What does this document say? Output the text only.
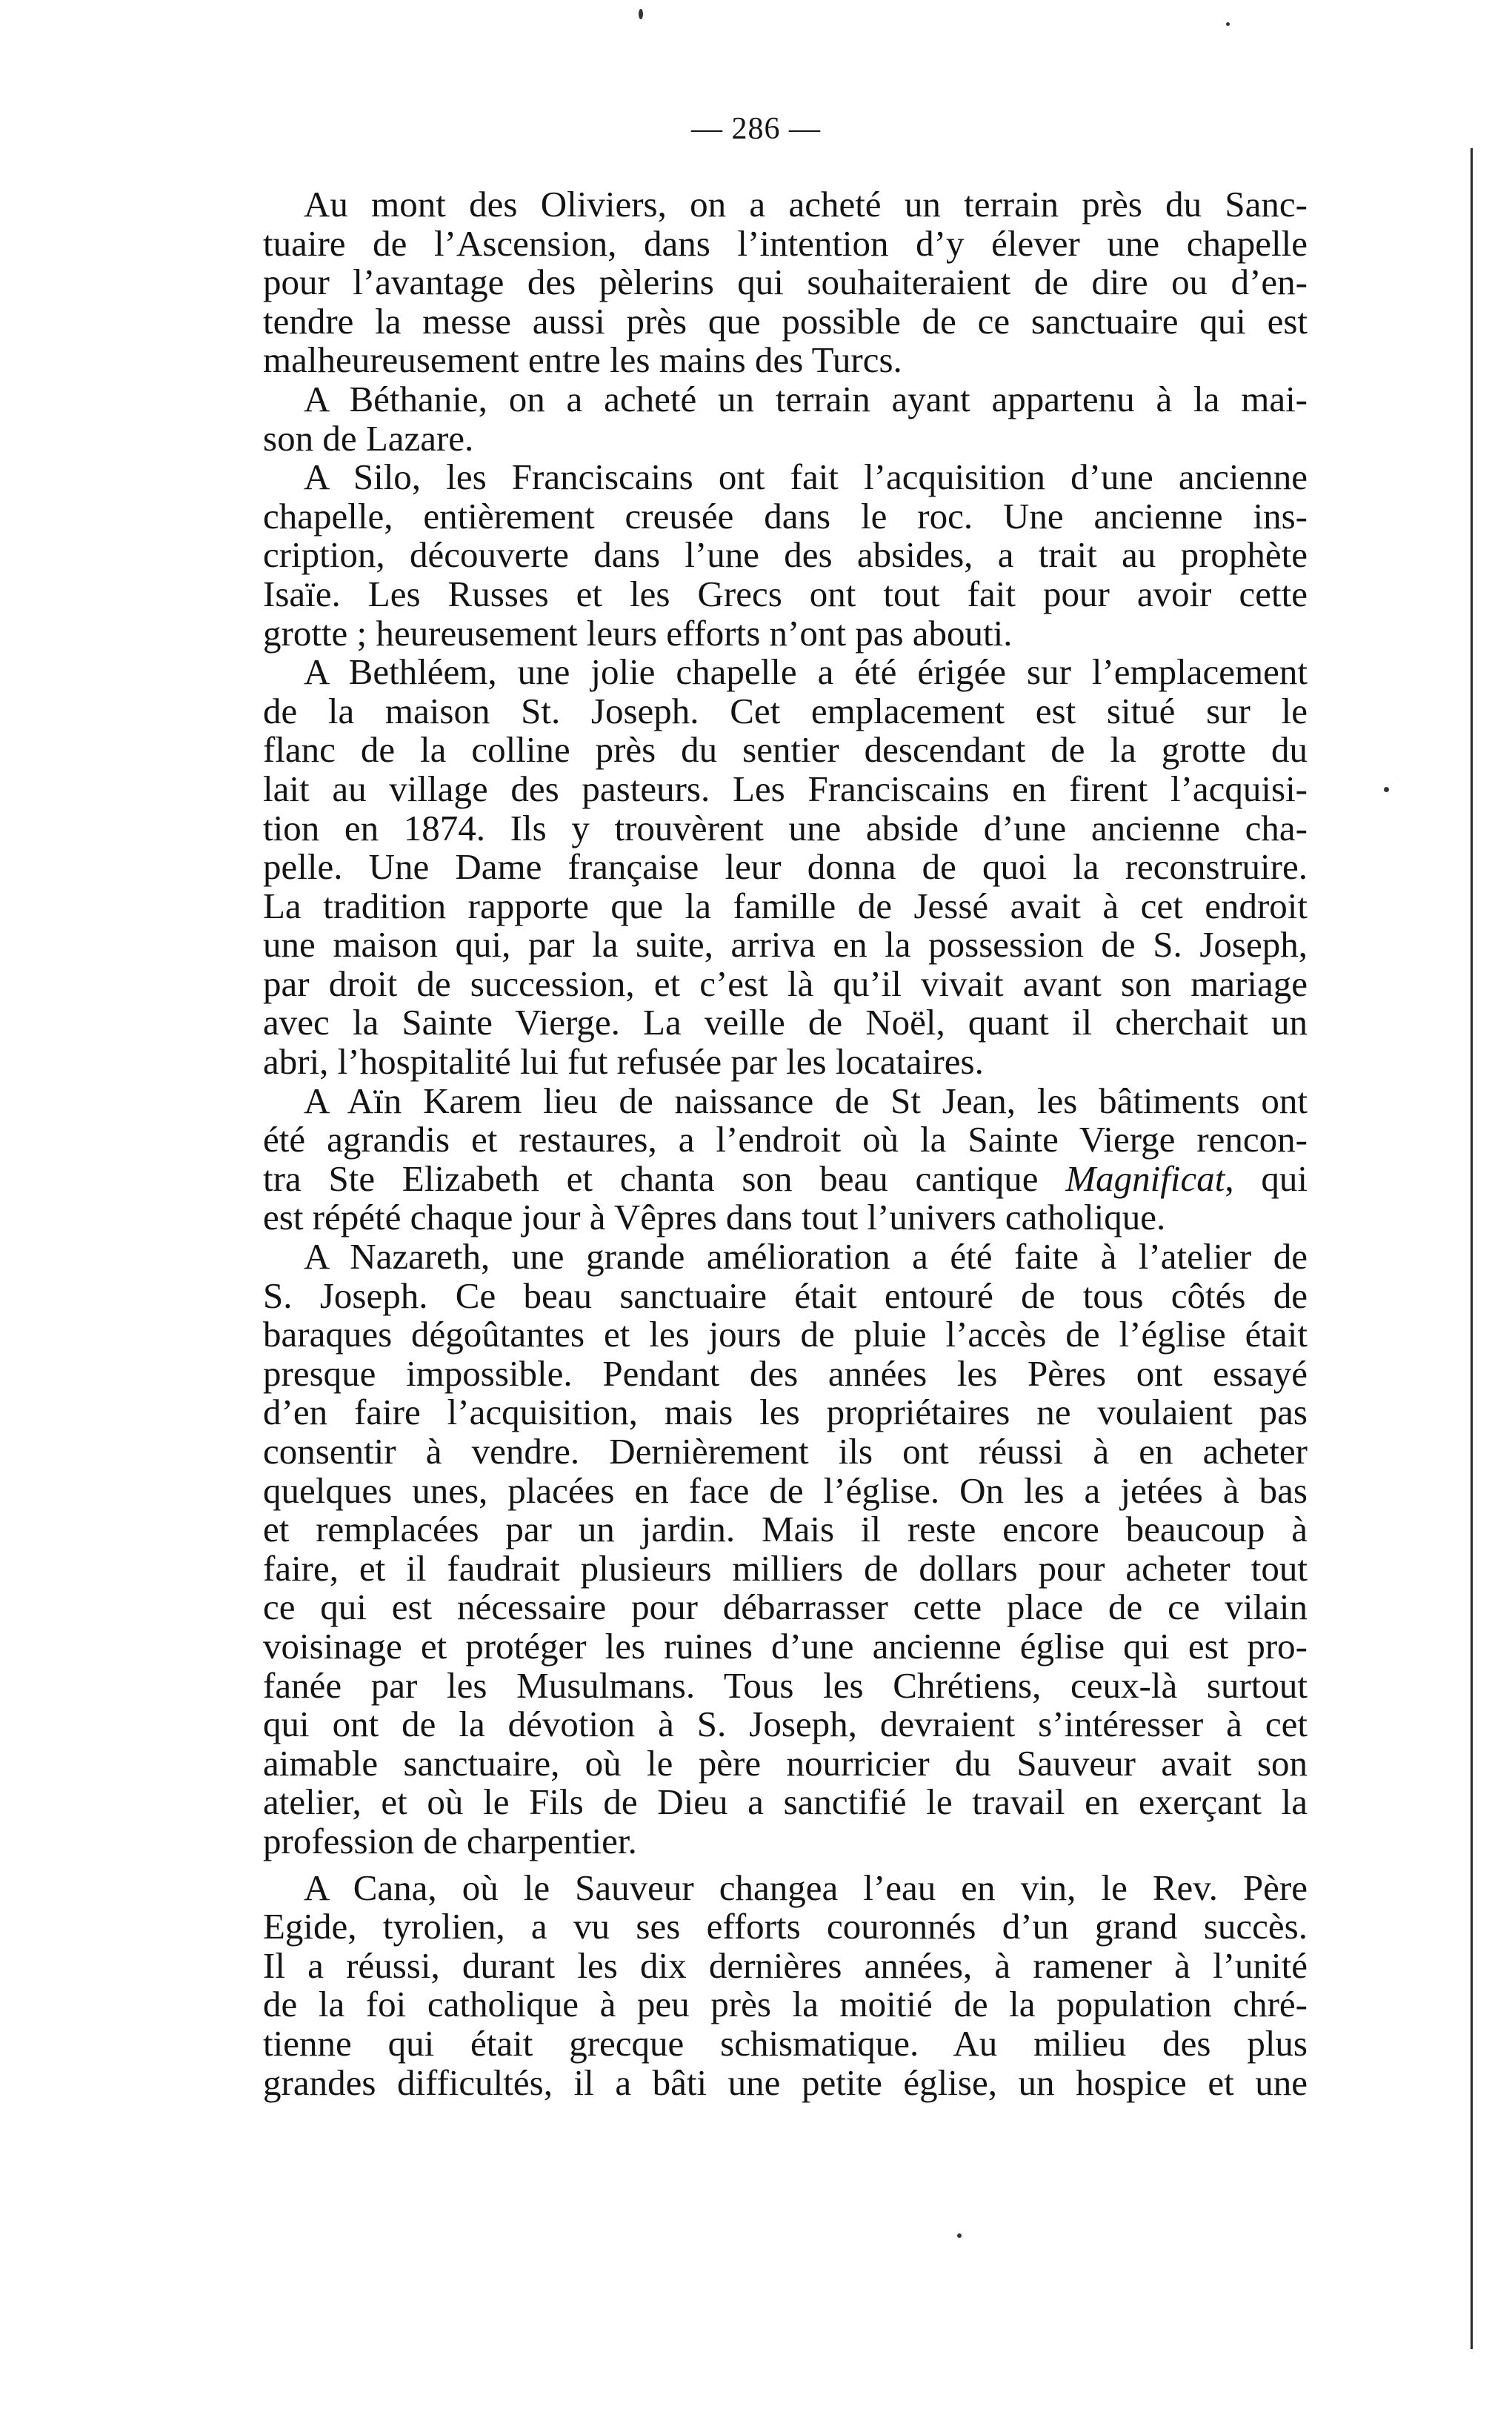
— 286 —
Au mont des Oliviers, on a acheté un terrain près du Sanc-
tuaire de l’Ascension, dans l’intention d’y élever une chapelle
pour l’avantage des pèlerins qui souhaiteraient de dire ou d’en-
tendre la messe aussi près que possible de ce sanctuaire qui est
malheureusement entre les mains des Turcs.
A Béthanie, on a acheté un terrain ayant appartenu à la mai-
son de Lazare.
A Silo, les Franciscains ont fait l’acquisition d’une ancienne
chapelle, entièrement creusée dans le roc. Une ancienne ins-
cription, découverte dans l’une des absides, a trait au prophète
Isaïe. Les Russes et les Grecs ont tout fait pour avoir cette
grotte ; heureusement leurs efforts n’ont pas abouti.
A Bethléem, une jolie chapelle a été érigée sur l’emplacement
de la maison St. Joseph. Cet emplacement est situé sur le
flanc de la colline près du sentier descendant de la grotte du
lait au village des pasteurs. Les Franciscains en firent l’acquisi-
tion en 1874. Ils y trouvèrent une abside d’une ancienne cha-
pelle. Une Dame française leur donna de quoi la reconstruire.
La tradition rapporte que la famille de Jessé avait à cet endroit
une maison qui, par la suite, arriva en la possession de S. Joseph,
par droit de succession, et c’est là qu’il vivait avant son mariage
avec la Sainte Vierge. La veille de Noël, quant il cherchait un
abri, l’hospitalité lui fut refusée par les locataires.
A Aïn Karem lieu de naissance de St Jean, les bâtiments ont
été agrandis et restaures, a l’endroit où la Sainte Vierge rencon-
tra Ste Elizabeth et chanta son beau cantique Magnificat, qui
est répété chaque jour à Vêpres dans tout l’univers catholique.
A Nazareth, une grande amélioration a été faite à l’atelier de
S. Joseph. Ce beau sanctuaire était entouré de tous côtés de
baraques dégoûtantes et les jours de pluie l’accès de l’église était
presque impossible. Pendant des années les Pères ont essayé
d’en faire l’acquisition, mais les propriétaires ne voulaient pas
consentir à vendre. Dernièrement ils ont réussi à en acheter
quelques unes, placées en face de l’église. On les a jetées à bas
et remplacées par un jardin. Mais il reste encore beaucoup à
faire, et il faudrait plusieurs milliers de dollars pour acheter tout
ce qui est nécessaire pour débarrasser cette place de ce vilain
voisinage et protéger les ruines d’une ancienne église qui est pro-
fanée par les Musulmans. Tous les Chrétiens, ceux-là surtout
qui ont de la dévotion à S. Joseph, devraient s’intéresser à cet
aimable sanctuaire, où le père nourricier du Sauveur avait son
atelier, et où le Fils de Dieu a sanctifié le travail en exerçant la
profession de charpentier.
A Cana, où le Sauveur changea l’eau en vin, le Rev. Père
Egide, tyrolien, a vu ses efforts couronnés d’un grand succès.
Il a réussi, durant les dix dernières années, à ramener à l’unité
de la foi catholique à peu près la moitié de la population chré-
tienne qui était grecque schismatique. Au milieu des plus
grandes difficultés, il a bâti une petite église, un hospice et une
